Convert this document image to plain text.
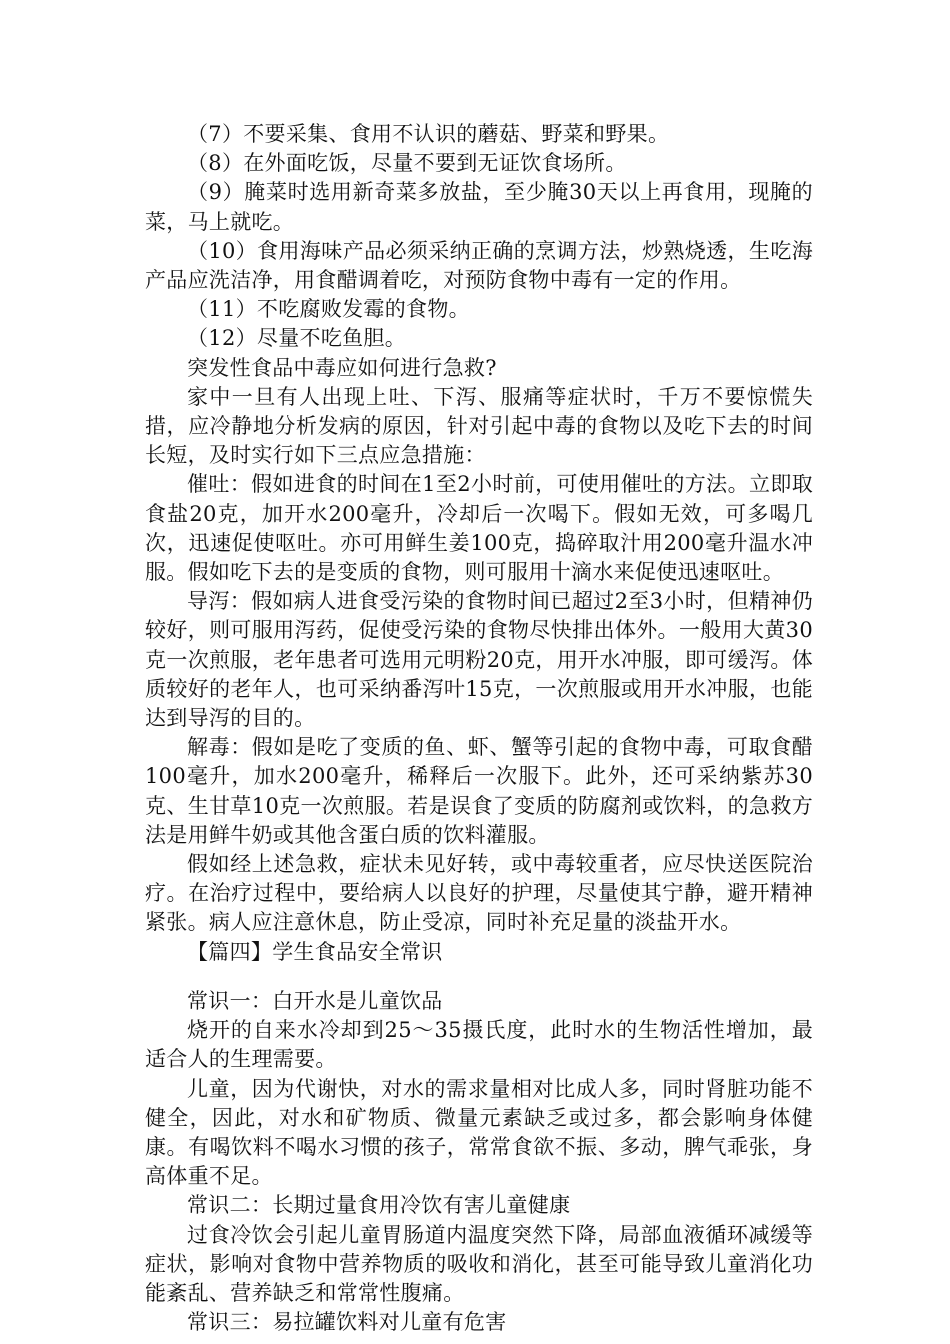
（7）不要采集、食用不认识的蘑菇、野菜和野果。

（8）在外面吃饭，尽量不要到无证饮食场所。

（9）腌菜时选用新奇菜多放盐，至少腌30天以上再食用，现腌的菜，马上就吃。

（10）食用海味产品必须采纳正确的烹调方法，炒熟烧透，生吃海产品应洗洁净，用食醋调着吃，对预防食物中毒有一定的作用。

（11）不吃腐败发霉的食物。

（12）尽量不吃鱼胆。

突发性食品中毒应如何进行急救?

家中一旦有人出现上吐、下泻、服痛等症状时，千万不要惊慌失措，应冷静地分析发病的原因，针对引起中毒的食物以及吃下去的时间长短，及时实行如下三点应急措施：

催吐：假如进食的时间在1至2小时前，可使用催吐的方法。立即取食盐20克，加开水200毫升，冷却后一次喝下。假如无效，可多喝几次，迅速促使呕吐。亦可用鲜生姜100克，捣碎取汁用200毫升温水冲服。假如吃下去的是变质的食物，则可服用十滴水来促使迅速呕吐。

导泻：假如病人进食受污染的食物时间已超过2至3小时，但精神仍较好，则可服用泻药，促使受污染的食物尽快排出体外。一般用大黄30克一次煎服，老年患者可选用元明粉20克，用开水冲服，即可缓泻。体质较好的老年人，也可采纳番泻叶15克，一次煎服或用开水冲服，也能达到导泻的目的。

解毒：假如是吃了变质的鱼、虾、蟹等引起的食物中毒，可取食醋100毫升，加水200毫升，稀释后一次服下。此外，还可采纳紫苏30克、生甘草10克一次煎服。若是误食了变质的防腐剂或饮料，的急救方法是用鲜牛奶或其他含蛋白质的饮料灌服。

假如经上述急救，症状未见好转，或中毒较重者，应尽快送医院治疗。在治疗过程中，要给病人以良好的护理，尽量使其宁静，避开精神紧张。病人应注意休息，防止受凉，同时补充足量的淡盐开水。

【篇四】学生食品安全常识

常识一：白开水是儿童饮品

烧开的自来水冷却到25～35摄氏度，此时水的生物活性增加，最适合人的生理需要。

儿童，因为代谢快，对水的需求量相对比成人多，同时肾脏功能不健全，因此，对水和矿物质、微量元素缺乏或过多，都会影响身体健康。有喝饮料不喝水习惯的孩子，常常食欲不振、多动，脾气乖张，身高体重不足。

常识二：长期过量食用冷饮有害儿童健康

过食冷饮会引起儿童胃肠道内温度突然下降，局部血液循环减缓等症状，影响对食物中营养物质的吸收和消化，甚至可能导致儿童消化功能紊乱、营养缺乏和常常性腹痛。

常识三：易拉罐饮料对儿童有危害
